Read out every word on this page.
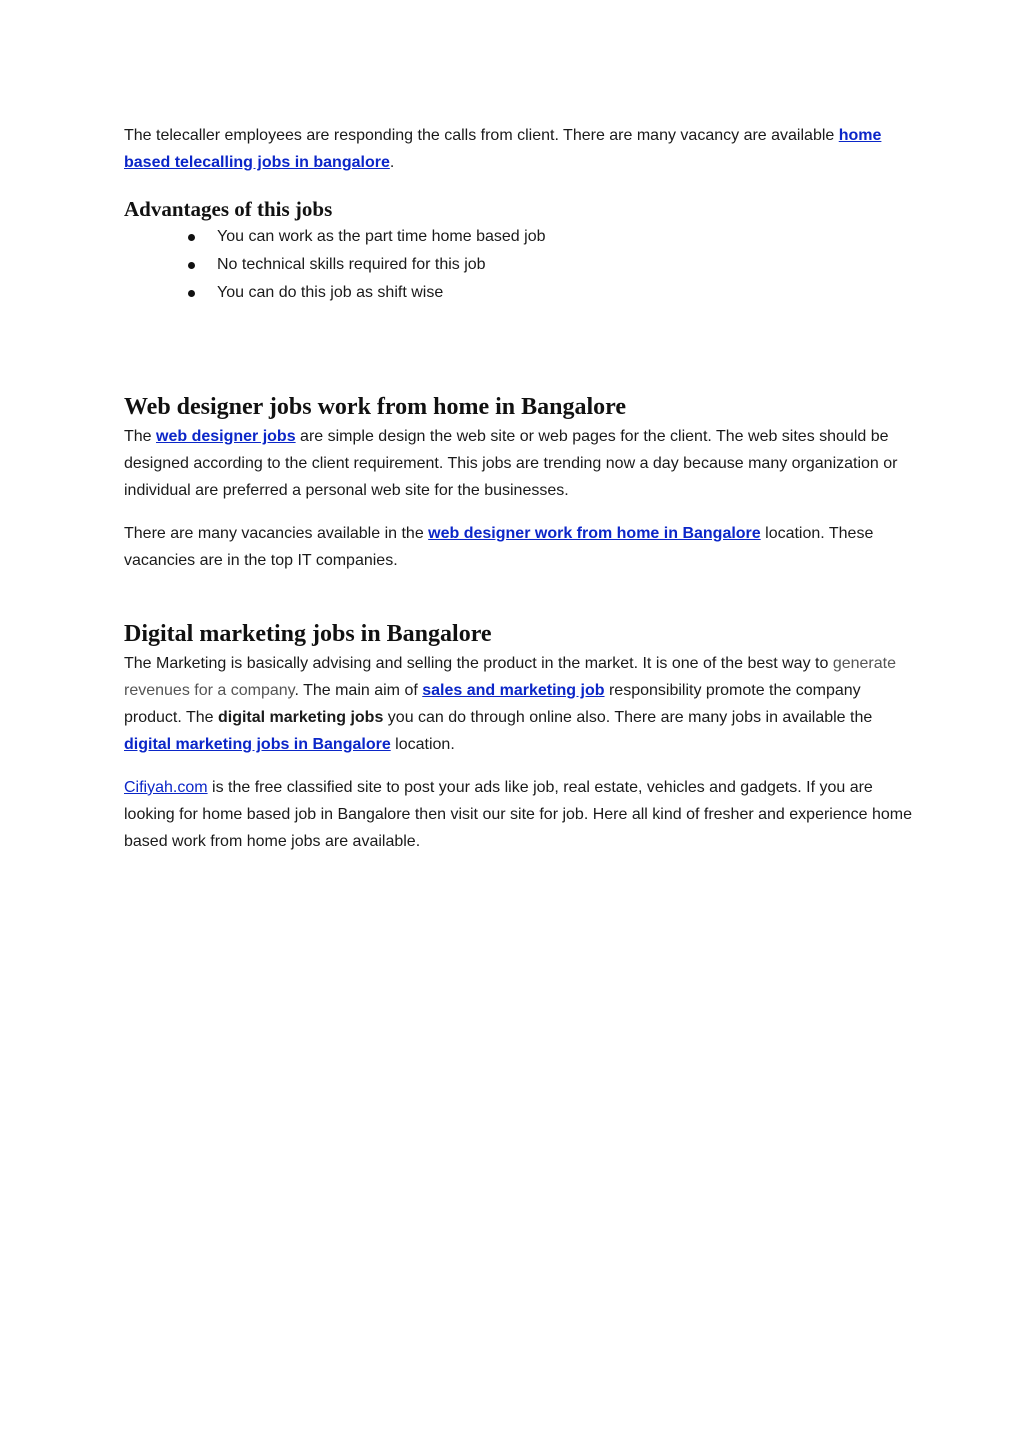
The telecaller employees are responding the calls from client. There are many vacancy are available home based telecalling jobs in bangalore.

Advantages of this jobs
You can work as the part time home based job
No technical skills required for this job
You can do this job as shift wise
Web designer jobs work from home in Bangalore

The web designer jobs are simple design the web site or web pages for the client. The web sites should be designed according to the client requirement. This jobs are trending now a day because many organization or individual are preferred a personal web site for the businesses.

There are many vacancies available in the web designer work from home in Bangalore location. These vacancies are in the top IT companies.

Digital marketing jobs in Bangalore

The Marketing is basically advising and selling the product in the market. It is one of the best way to generate revenues for a company. The main aim of sales and marketing job responsibility promote the company product. The digital marketing jobs you can do through online also. There are many jobs in available the digital marketing jobs in Bangalore location.

Cifiyah.com is the free classified site to post your ads like job, real estate, vehicles and gadgets. If you are looking for home based job in Bangalore then visit our site for job. Here all kind of fresher and experience home based work from home jobs are available.
